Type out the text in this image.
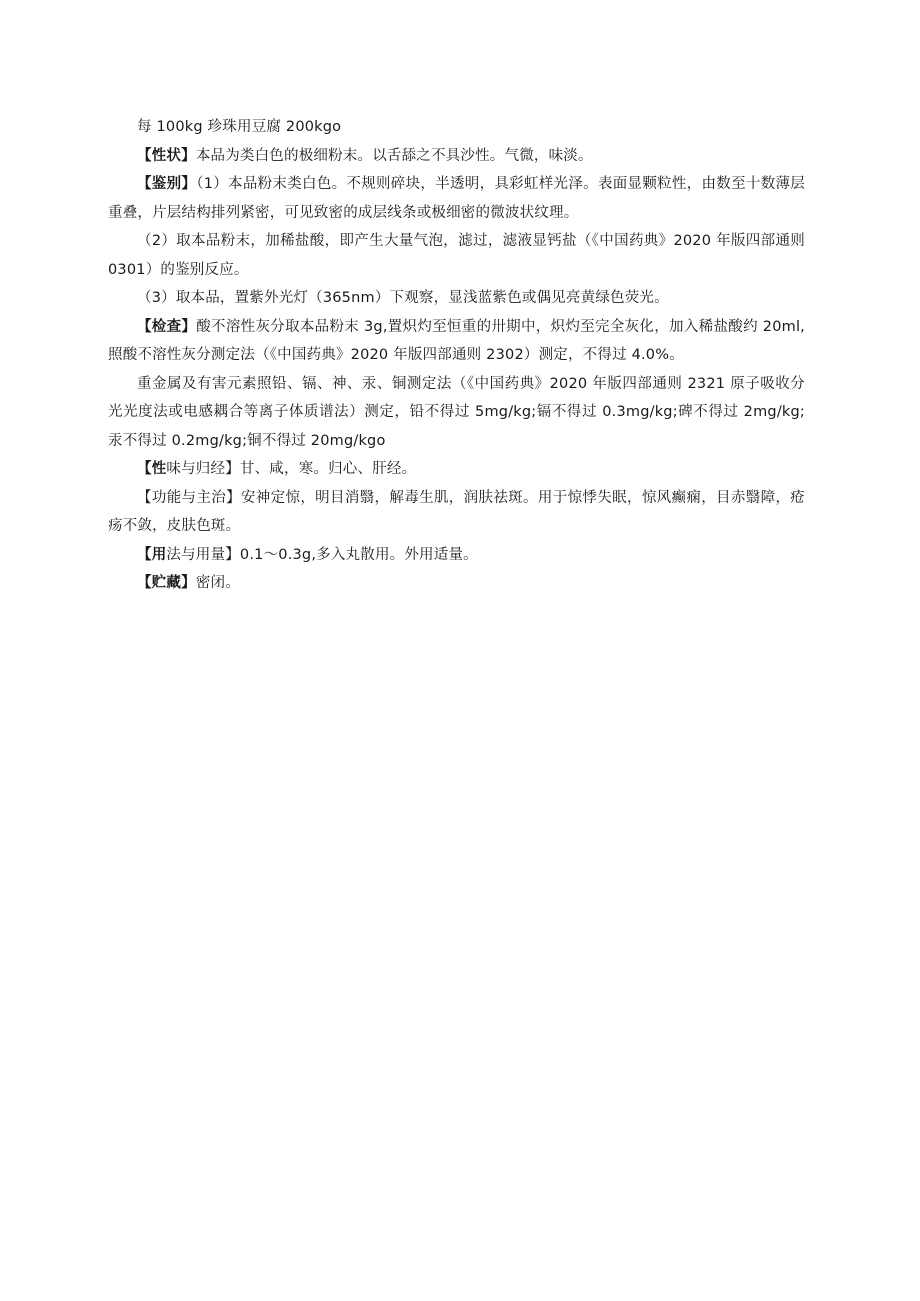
每 100kg 珍珠用豆腐 200kgo

【性状】本品为类白色的极细粉末。以舌舔之不具沙性。气微，味淡。

【鉴别】（1）本品粉末类白色。不规则碎块，半透明，具彩虹样光泽。表面显颗粒性，由数至十数薄层重叠，片层结构排列紧密，可见致密的成层线条或极细密的微波状纹理。

（2）取本品粉末，加稀盐酸，即产生大量气泡，滤过，滤液显钙盐（《中国药典》2020 年版四部通则 0301）的鉴别反应。

（3）取本品，置紫外光灯（365nm）下观察，显浅蓝紫色或偶见亮黄绿色荧光。

【检查】酸不溶性灰分取本品粉末 3g,置炽灼至恒重的卅期中，炽灼至完全灰化，加入稀盐酸约 20ml,照酸不溶性灰分测定法（《中国药典》2020 年版四部通则 2302）测定，不得过 4.0%。

重金属及有害元素照铅、镉、神、汞、铜测定法（《中国药典》2020 年版四部通则 2321 原子吸收分光光度法或电感耦合等离子体质谱法）测定，铅不得过 5mg∕kg;镉不得过 0.3mg∕kg;碑不得过 2mg∕kg;汞不得过 0.2mg∕kg;铜不得过 20mg∕kgo

【性味与归经】甘、咸，寒。归心、肝经。

【功能与主治】安神定惊，明目消翳，解毒生肌，润肤祛斑。用于惊悸失眠，惊风癫痫，目赤翳障，疮疡不敛，皮肤色斑。

【用法与用量】0.1～0.3g,多入丸散用。外用适量。

【贮藏】密闭。
